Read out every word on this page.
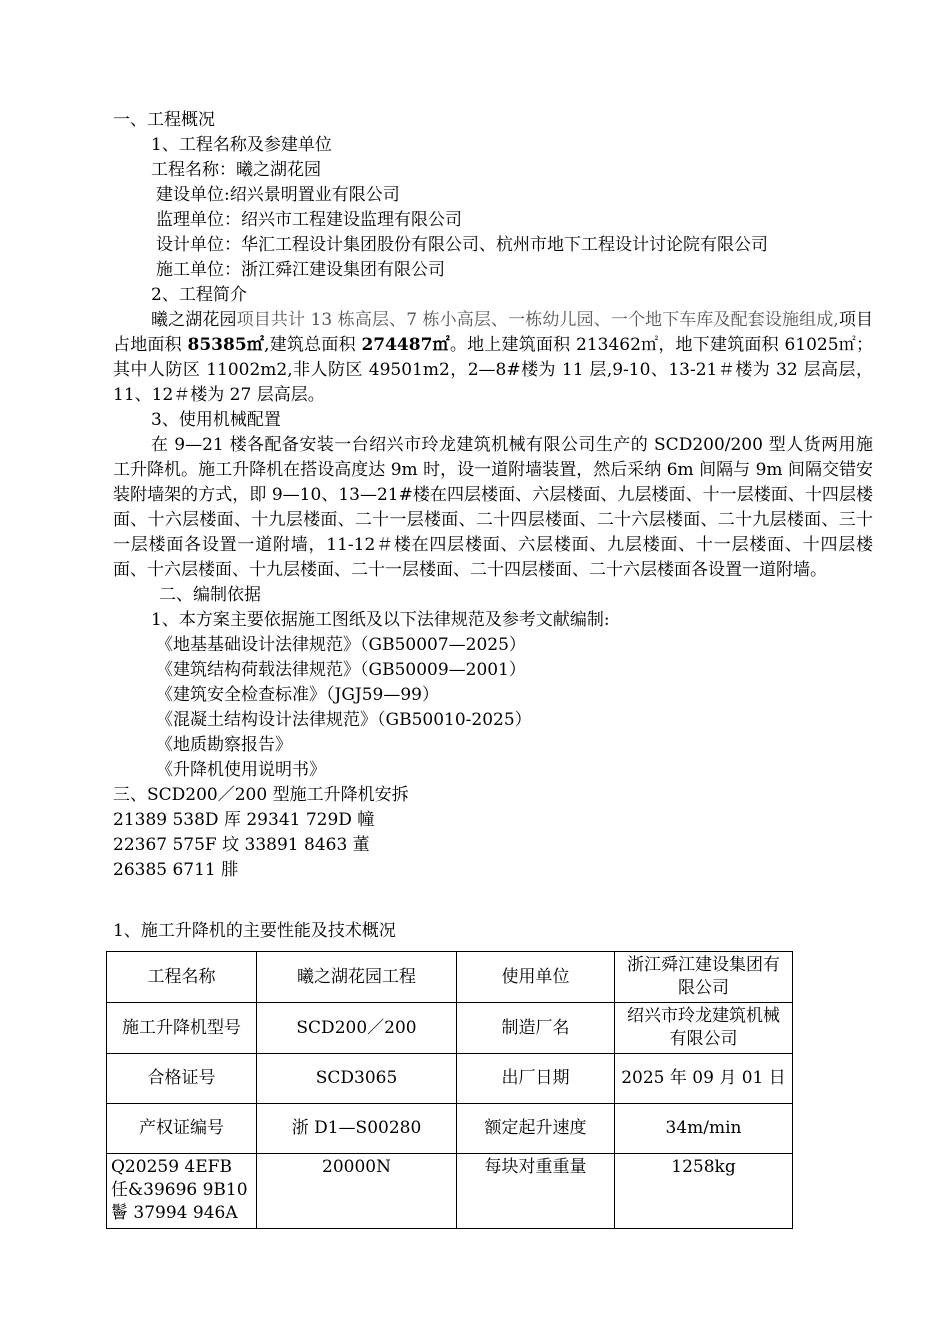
一、工程概况
1、工程名称及参建单位
工程名称：曦之湖花园
建设单位:绍兴景明置业有限公司
监理单位：绍兴市工程建设监理有限公司
设计单位：华汇工程设计集团股份有限公司、杭州市地下工程设计讨论院有限公司
施工单位：浙江舜江建设集团有限公司
2、工程简介
曦之湖花园项目共计 13 栋高层、7 栋小高层、一栋幼儿园、一个地下车库及配套设施组成,项目占地面积 85385㎡,建筑总面积 274487㎡。地上建筑面积 213462㎡，地下建筑面积 61025㎡；其中人防区 11002m2,非人防区 49501m2，2—8#楼为 11 层,9-10、13-21＃楼为 32 层高层，11、12＃楼为 27 层高层。
3、使用机械配置
在 9—21 楼各配备安装一台绍兴市玲龙建筑机械有限公司生产的 SCD200/200 型人货两用施工升降机。施工升降机在搭设高度达 9m 时，设一道附墙装置，然后采纳 6m 间隔与 9m 间隔交错安装附墙架的方式，即 9—10、13—21#楼在四层楼面、六层楼面、九层楼面、十一层楼面、十四层楼面、十六层楼面、十九层楼面、二十一层楼面、二十四层楼面、二十六层楼面、二十九层楼面、三十一层楼面各设置一道附墙，11-12＃楼在四层楼面、六层楼面、九层楼面、十一层楼面、十四层楼面、十六层楼面、十九层楼面、二十一层楼面、二十四层楼面、二十六层楼面各设置一道附墙。
二、编制依据
1、本方案主要依据施工图纸及以下法律规范及参考文献编制:
《地基基础设计法律规范》（GB50007—2025）
《建筑结构荷载法律规范》（GB50009—2001）
《建筑安全检查标准》（JGJ59—99）
《混凝土结构设计法律规范》（GB50010-2025）
《地质勘察报告》
《升降机使用说明书》
三、SCD200／200 型施工升降机安拆
21389 538D 厍 29341 729D 幢
22367 575F 坟 33891 8463 董
26385 6711 腓
1、施工升降机的主要性能及技术概况
工程名称	曦之湖花园工程	使用单位	浙江舜江建设集团有限公司
施工升降机型号	SCD200／200	制造厂名	绍兴市玲龙建筑机械有限公司
合格证号	SCD3065	出厂日期	2025 年 09 月 01 日
产权证编号	浙 D1—S00280	额定起升速度	34m/min

Q20259 4EFB
任&39696 9B10
鬠 37994 946A	20000N	每块对重重量	1258kg
